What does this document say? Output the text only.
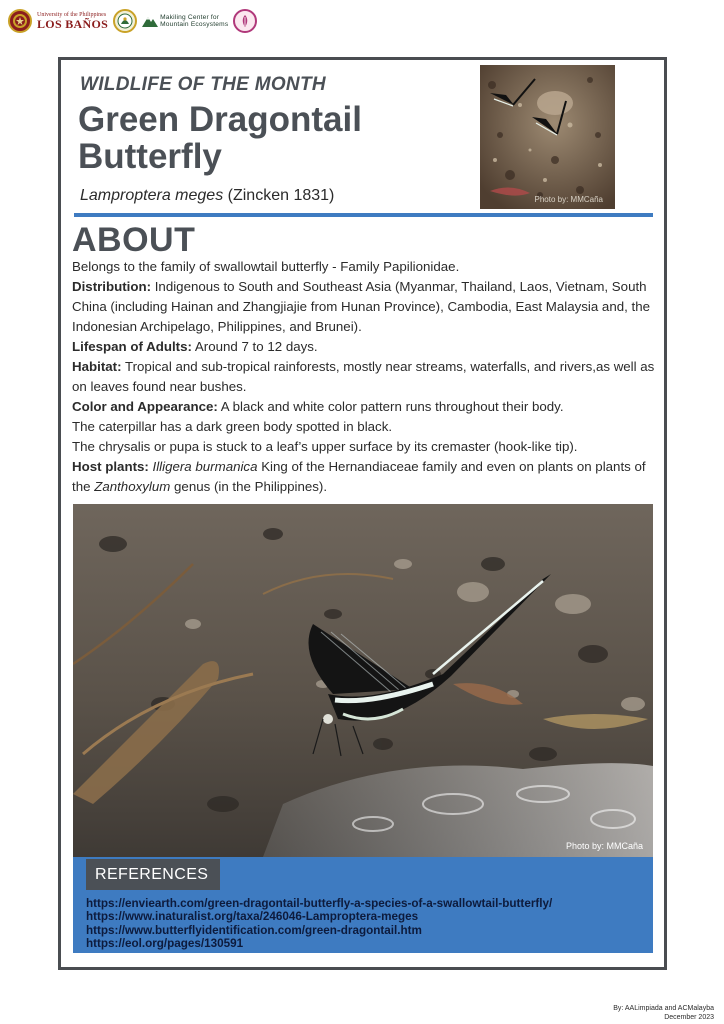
University of the Philippines
LOS BAÑOS	Makiling Center for
Mountain Ecosystems
WILDLIFE OF THE MONTH
Green Dragontail Butterfly
Lamproptera meges (Zincken 1831)	Photo by: MMCaña
ABOUT

Belongs to the family of swallowtail butterfly - Family Papilionidae.

Distribution: Indigenous to South and Southeast Asia (Myanmar, Thailand, Laos, Vietnam, South China (including Hainan and Zhangjiajie from Hunan Province), Cambodia, East Malaysia and, the Indonesian Archipelago, Philippines, and Brunei).

Lifespan of Adults: Around 7 to 12 days.

Habitat: Tropical and sub-tropical rainforests, mostly near streams, waterfalls, and rivers,as well as on leaves found near bushes.

Color and Appearance: A black and white color pattern runs throughout their body.

The caterpillar has a dark green body spotted in black.

The chrysalis or pupa is stuck to a leaf’s upper surface by its cremaster (hook-like tip).

Host plants: Illigera burmanica King of the Hernandiaceae family and even on plants on plants of the Zanthoxylum genus (in the Philippines).

Photo by: MMCaña
REFERENCES
https://enviearth.com/green-dragontail-butterfly-a-species-of-a-swallowtail-butterfly/
https://www.inaturalist.org/taxa/246046-Lamproptera-meges
https://www.butterflyidentification.com/green-dragontail.htm
https://eol.org/pages/130591
By: AALimpiada and ACMalayba
December 2023
